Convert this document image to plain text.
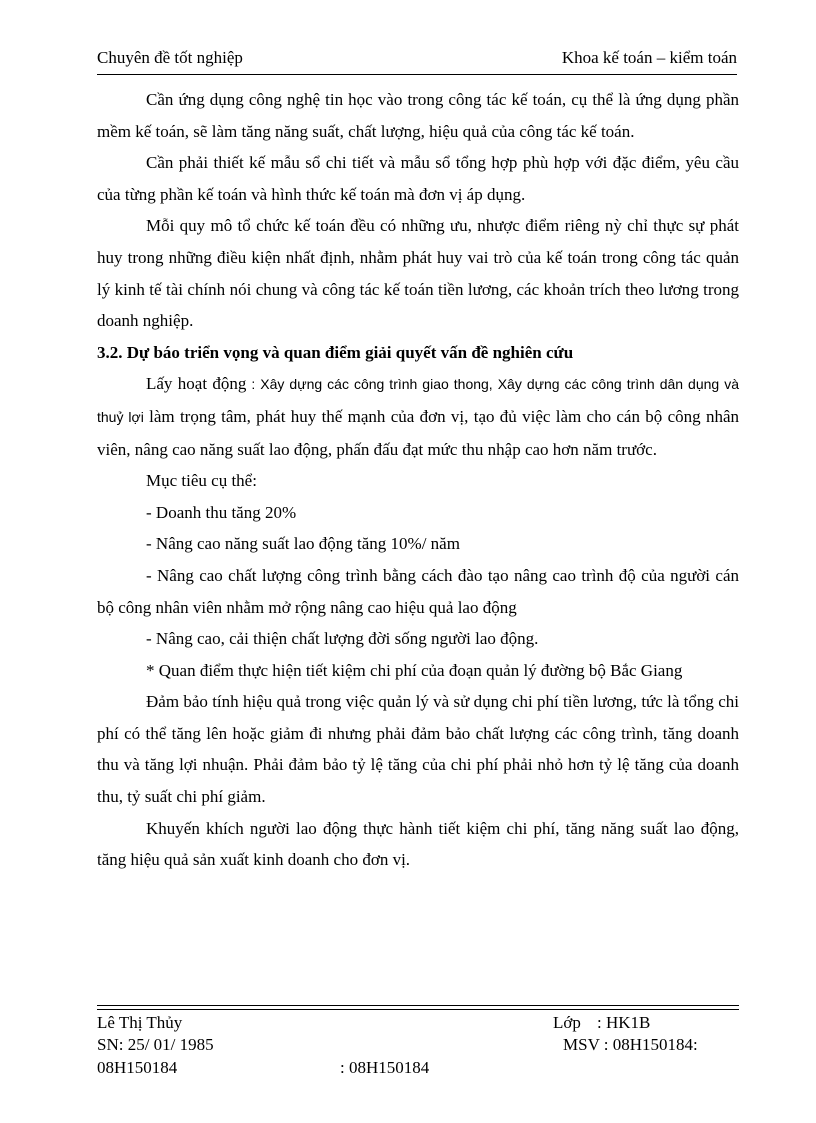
Chuyên đề tốt nghiệp	Khoa kế toán – kiểm toán

Cần ứng dụng công nghệ tin học vào trong công tác kế toán, cụ thể là ứng dụng phần mềm kế toán, sẽ làm tăng năng suất, chất lượng, hiệu quả của công tác kế toán.

Cần phải thiết kế mẫu sổ chi tiết và mẫu sổ tổng hợp phù hợp với đặc điểm, yêu cầu của từng phần kế toán và hình thức kế toán mà đơn vị áp dụng.

Mỗi quy mô tổ chức kế toán đều có những ưu, nhược điểm riêng nỳ chỉ thực sự phát huy trong những điều kiện nhất định, nhằm phát huy vai trò của kế toán trong công tác quản lý kinh tế tài chính nói chung và công tác kế toán tiền lương, các khoản trích theo lương trong doanh nghiệp.

3.2. Dự báo triển vọng và quan điểm giải quyết vấn đề nghiên cứu

Lấy hoạt động : Xây dựng các công trình giao thong, Xây dựng các công trình dân dụng và thuỷ lợi làm trọng tâm, phát huy thế mạnh của đơn vị, tạo đủ việc làm cho cán bộ công nhân viên, nâng cao năng suất lao động, phấn đấu đạt mức thu nhập cao hơn năm trước.

Mục tiêu cụ thể:

- Doanh thu tăng 20%

- Nâng cao năng suất lao động tăng 10%/ năm

- Nâng cao chất lượng công trình bằng cách đào tạo nâng cao trình độ của người cán bộ công nhân viên nhằm mở rộng nâng cao hiệu quả lao động

- Nâng cao, cải thiện chất lượng đời sống người lao động.

* Quan điểm thực hiện tiết kiệm chi phí của đoạn quản lý đường bộ Bắc Giang

Đảm bảo tính hiệu quả trong việc quản lý và sử dụng chi phí tiền lương, tức là tổng chi phí có thể tăng lên hoặc giảm đi nhưng phải đảm bảo chất lượng các công trình, tăng doanh thu và tăng lợi nhuận. Phải đảm bảo tỷ lệ tăng của chi phí phải nhỏ hơn tỷ lệ tăng của doanh thu, tỷ suất chi phí giảm.

Khuyến khích người lao động thực hành tiết kiệm chi phí, tăng năng suất lao động, tăng hiệu quả sản xuất kinh doanh cho đơn vị.

Lê Thị Thủy	Lớp : HK1B
SN: 25/ 01/ 1985	MSV : 08H150184:
08H150184	: 08H150184
